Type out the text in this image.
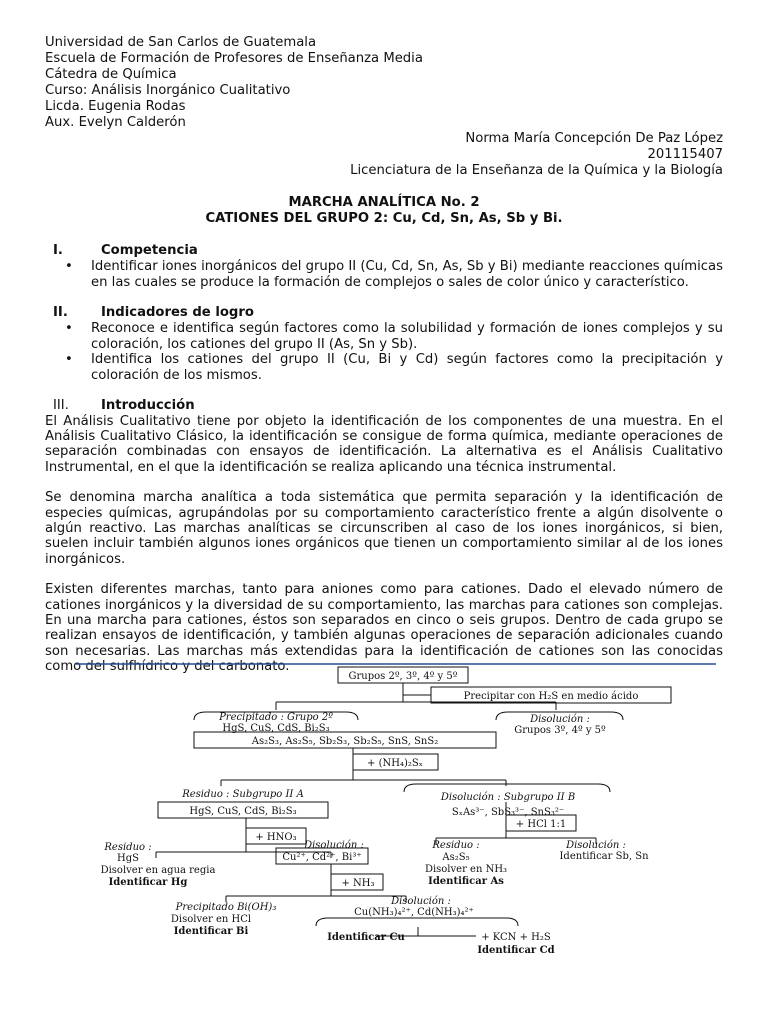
Universidad de San Carlos de Guatemala
Escuela de Formación de Profesores de Enseñanza Media
Cátedra de Química
Curso: Análisis Inorgánico Cualitativo
Licda. Eugenia Rodas
Aux. Evelyn Calderón
Norma María Concepción De Paz López
201115407
Licenciatura de la Enseñanza de la Química y la Biología
MARCHA ANALÍTICA No. 2
CATIONES DEL GRUPO 2: Cu, Cd, Sn, As, Sb y Bi.
I.	Competencia
• Identificar iones inorgánicos del grupo II (Cu, Cd, Sn, As, Sb y Bi) mediante reacciones químicas en las cuales se produce la formación de complejos o sales de color único y característico.
II.	Indicadores de logro
• Reconoce e identifica según factores como la solubilidad y formación de iones complejos y su coloración, los cationes del grupo II (As, Sn y Sb).
• Identifica los cationes del grupo II (Cu, Bi y Cd) según factores como la precipitación y coloración de los mismos.
III. Introducción
El Análisis Cualitativo tiene por objeto la identificación de los componentes de una muestra. En el Análisis Cualitativo Clásico, la identificación se consigue de forma química, mediante operaciones de separación combinadas con ensayos de identificación. La alternativa es el Análisis Cualitativo Instrumental, en el que la identificación se realiza aplicando una técnica instrumental.
Se denomina marcha analítica a toda sistemática que permita separación y la identificación de especies químicas, agrupándolas por su comportamiento característico frente a algún disolvente o algún reactivo. Las marchas analíticas se circunscriben al caso de los iones inorgánicos, si bien, suelen incluir también algunos iones orgánicos que tienen un comportamiento similar al de los iones inorgánicos.
Existen diferentes marchas, tanto para aniones como para cationes. Dado el elevado número de cationes inorgánicos y la diversidad de su comportamiento, las marchas para cationes son complejas. En una marcha para cationes, éstos son separados en cinco o seis grupos. Dentro de cada grupo se realizan ensayos de identificación, y también algunas operaciones de separación adicionales cuando son necesarias. Las marchas más extendidas para la identificación de cationes son las conocidas como del sulfhídrico y del carbonato.
Grupos 2º, 3º, 4º y 5º
Precipitar con H₂S en medio ácido
Precipitado : Grupo 2º
HgS, CuS, CdS, Bi₂S₃
As₂S₃, As₂S₅, Sb₂S₃, Sb₂S₅, SnS, SnS₂
Disolución :
Grupos 3º, 4º y 5º
+ (NH₄)₂Sₓ
Residuo : Subgrupo II A
HgS, CuS, CdS, Bi₂S₃
Disolución : Subgrupo II B
SₓAs³⁻, SbS₃³⁻, SnS₃²⁻
+ HNO₃
+ HCl 1:1
Residuo :
HgS
Disolver en agua regia
Identificar Hg
Disolución :
Cu²⁺, Cd²⁺, Bi³⁺
Residuo :
As₂S₅
Disolver en NH₃
Identificar As
Disolución :
Identificar Sb, Sn
+ NH₃
Precipitado Bi(OH)₃
Disolver en HCl
Identificar Bi
Disolución :
Cu(NH₃)₄²⁺, Cd(NH₃)₄²⁺
Identificar Cu	+ KCN + H₂S
Identificar Cd
